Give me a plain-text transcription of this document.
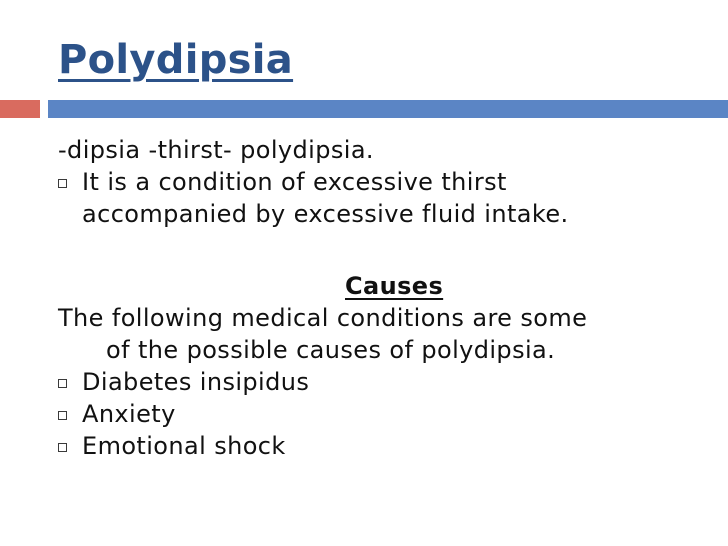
Polydipsia
-dipsia -thirst- polydipsia.
It is a condition of excessive thirst
accompanied by excessive fluid intake.
Causes
The following medical conditions are some
of the possible causes of polydipsia.
Diabetes insipidus
Anxiety
Emotional shock
